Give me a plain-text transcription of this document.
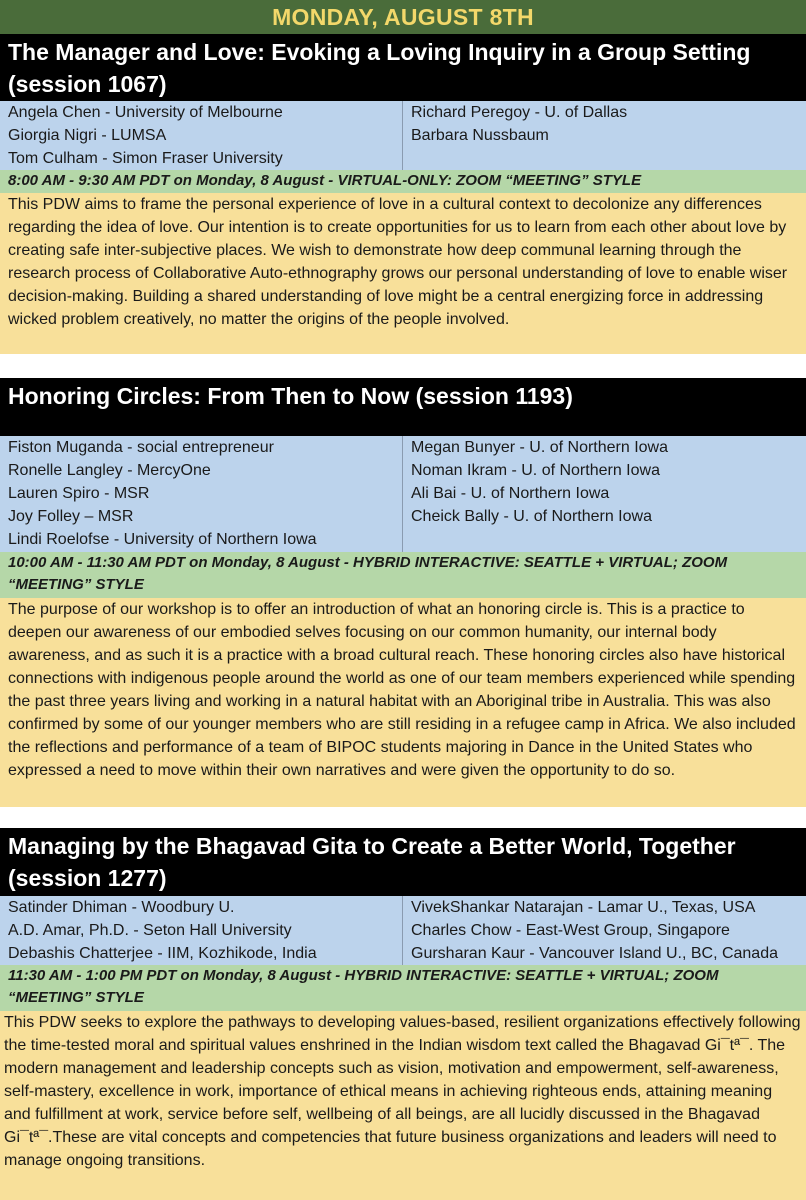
MONDAY, AUGUST 8TH
The Manager and Love: Evoking a Loving Inquiry in a Group Setting (session 1067)
Angela Chen - University of Melbourne
Giorgia Nigri - LUMSA
Tom Culham - Simon Fraser University
Richard Peregoy - U. of Dallas
Barbara Nussbaum
8:00 AM - 9:30 AM PDT on Monday, 8 August - VIRTUAL-ONLY: ZOOM “MEETING” STYLE
This PDW aims to frame the personal experience of love in a cultural context to decolonize any differences regarding the idea of love. Our intention is to create opportunities for us to learn from each other about love by creating safe inter-subjective places. We wish to demonstrate how deep communal learning through the research process of Collaborative Auto-ethnography grows our personal understanding of love to enable wiser decision-making. Building a shared understanding of love might be a central energizing force in addressing wicked problem creatively, no matter the origins of the people involved.
Honoring Circles: From Then to Now (session 1193)
Fiston Muganda - social entrepreneur
Ronelle Langley - MercyOne
Lauren Spiro - MSR
Joy Folley – MSR
Lindi Roelofse - University of Northern Iowa
Megan Bunyer - U. of Northern Iowa
Noman Ikram - U. of Northern Iowa
Ali Bai - U. of Northern Iowa
Cheick Bally - U. of Northern Iowa
10:00 AM - 11:30 AM PDT on Monday, 8 August - HYBRID INTERACTIVE: SEATTLE + VIRTUAL; ZOOM “MEETING” STYLE
The purpose of our workshop is to offer an introduction of what an honoring circle is. This is a practice to deepen our awareness of our embodied selves focusing on our common humanity, our internal body awareness, and as such it is a practice with a broad cultural reach. These honoring circles also have historical connections with indigenous people around the world as one of our team members experienced while spending the past three years living and working in a natural habitat with an Aboriginal tribe in Australia. This was also confirmed by some of our younger members who are still residing in a refugee camp in Africa. We also included the reflections and performance of a team of BIPOC students majoring in Dance in the United States who expressed a need to move within their own narratives and were given the opportunity to do so.
Managing by the Bhagavad Gita to Create a Better World, Together (session 1277)
Satinder Dhiman - Woodbury U.
A.D. Amar, Ph.D. - Seton Hall University
Debashis Chatterjee - IIM, Kozhikode, India
VivekShankar Natarajan - Lamar U., Texas, USA
Charles Chow - East-West Group, Singapore
Gursharan Kaur - Vancouver Island U., BC, Canada
11:30 AM - 1:00 PM PDT on Monday, 8 August - HYBRID INTERACTIVE: SEATTLE + VIRTUAL; ZOOM “MEETING” STYLE
This PDW seeks to explore the pathways to developing values-based, resilient organizations effectively following the time-tested moral and spiritual values enshrined in the Indian wisdom text called the Bhagavad Gi¯tª¯. The modern management and leadership concepts such as vision, motivation and empowerment, self-awareness, self-mastery, excellence in work, importance of ethical means in achieving righteous ends, attaining meaning and fulfillment at work, service before self, wellbeing of all beings, are all lucidly discussed in the Bhagavad Gi¯tª¯.These are vital concepts and competencies that future business organizations and leaders will need to manage ongoing transitions.
